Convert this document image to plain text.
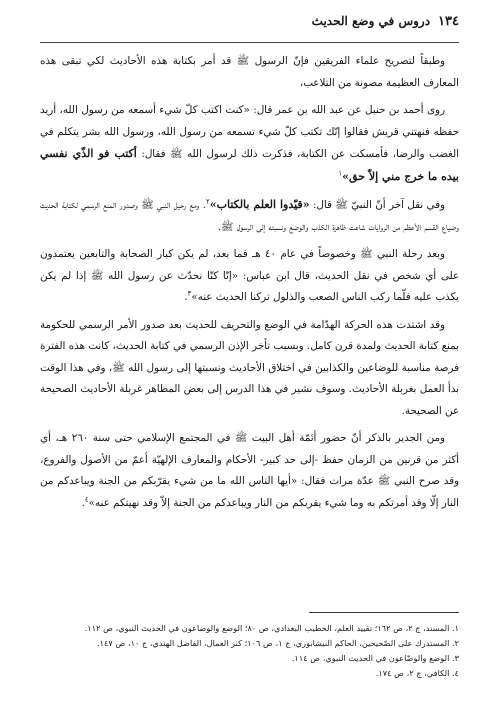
١٣٤
دروس في وضع الحديث

وطبقاً لتصريح علماء الفريقين فإنّ الرسول ﷺ قد أمر بكتابة هذه الأحاديث لكي تبقى هذه المعارف العظيمة مصونة من التلاعب،

روى أحمد بن حنبل عن عبد الله بن عمر قال: «كنت اكتب كلّ شيء أسمعه من رسول الله، أريد حفظه فنهتني قريش فقالوا إنّك تكتب كلّ شيء تسمعه من رسول الله، ورسول الله بشر يتكلم في الغضب والرضا، فأمسكت عن الكتابة، فذكرت ذلك لرسول الله ﷺ فقال: أكتب فو الذّي نفسي بيده ما خرج مني إلاّ حق»$^١$

وفي نقل آخر أنّ النبيّ ﷺ قال: «قيّدوا العلم بالكتاب»$^٢$. ومع رحيل النبي ﷺ وصدور المنع الرسمي لكتابة الحديث وضياع القسم الأعظم من الروايات شاعت ظاهرة الكذب والوضع ونسبته إلى الرسول ﷺ.

وبعد رحلة النبي ﷺ وخصوصاً في عام ٤٠ هـ فما بعد، لم يكن كبار الصحابة والتابعين يعتمدون على أي شخص في نقل الحديث، قال ابن عباس: «إنّا كنّا نحدّث عن رسول الله ﷺ إذا لم يكن يكذب عليه فلّما ركب الناس الصعب والذلول تركنا الحديث عنه»$^٣$.

وقد اشتدت هذه الحركة الهدّامة في الوضع والتحريف للحديث بعد صدور الأمر الرسمي للحكومة بمنع كتابة الحديث ولمدة قرن كامل. وبسبب تأخر الإذن الرسمي في كتابة الحديث، كانت هذه الفترة فرصة مناسبة للوضاعين والكذابين في اختلاق الأحاديث ونسبتها إلى رسول الله ﷺ، وفي هذا الوقت بدأ العمل بغربلة الأحاديث. وسوف نشير في هذا الدرس إلى بعض المظاهر غربلة الأحاديث الصحيحة عن الصحيحة.

ومن الجدير بالذكر أنّ حضور أئمّة أهل البيت ﷺ في المجتمع الإسلامي حتى سنة ٢٦٠ هـ، أي أكثر من قرنين من الزمان حفظ -إلى حد كبير- الأحكام والمعارف الإلهيّة أعمّ من الأصول والفروع، وقد صرح النبي ﷺ عدّة مرات فقال: «أيها الناس الله ما من شيء يقرّبكم من الجنة ويباعدكم من النار إلّا وقد أمرتكم به وما شيء يقربكم من النار ويباعدكم من الجنة إلاّ وقد نهيتكم عنه»$^٤$.

١. المسند، ج ٢، ص ١٦٢؛ تقييد العلم، الخطيب البغدادي، ص ٨٠؛ الوضع والوضاعون في الحديث النبوي، ص ١١٢.

٢. المستدرك على الصّحيحين، الحاكم النيشابوري، ج ١، ص ١٠٦؛ كنز العمال، الفاضل الهندي، ج ١٠، ص ١٤٧.

٣. الوضع والوضّاعون في الحديث النبوي، ص ١١٤.

٤. الكافي، ج ٢، ص ١٧٤.
